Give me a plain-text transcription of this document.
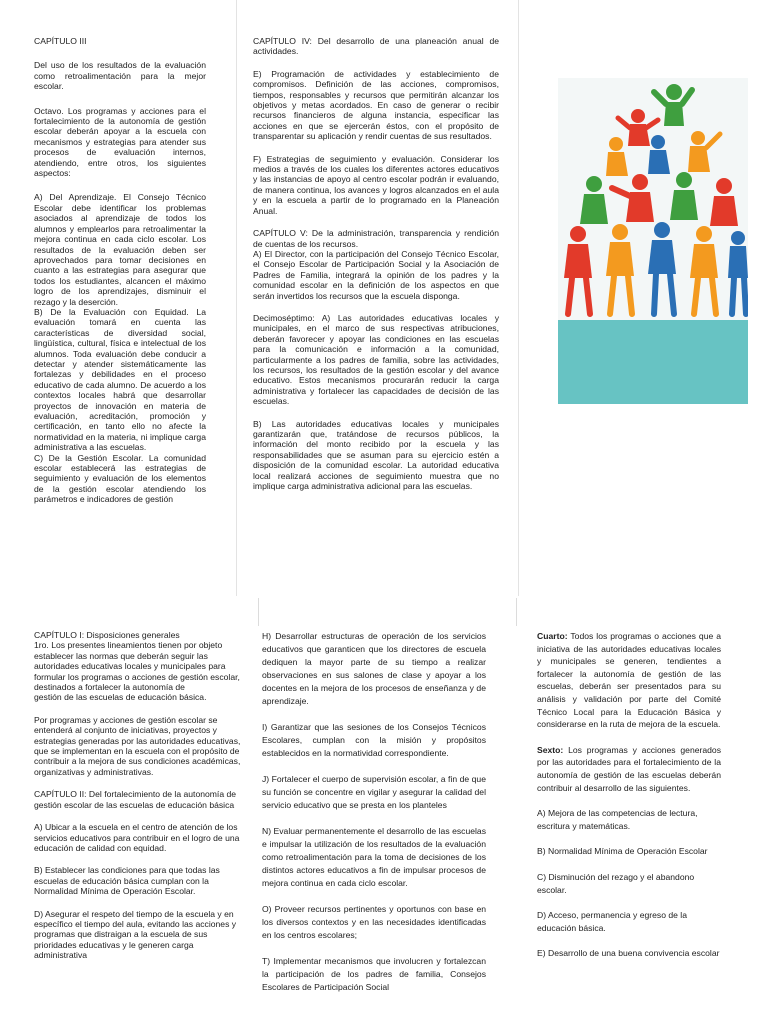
CAPÍTULO III

Del uso de los resultados de la evaluación como retroalimentación para la mejor escolar.

Octavo. Los programas y acciones para el fortalecimiento de la autonomía de gestión escolar deberán apoyar a la escuela con mecanismos y estrategias para atender sus procesos de evaluación internos, atendiendo, entre otros, los siguientes aspectos:

A) Del Aprendizaje. El Consejo Técnico Escolar debe identificar los problemas asociados al aprendizaje de todos los alumnos y emplearlos para retroalimentar la mejora continua en cada ciclo escolar. Los resultados de la evaluación deben ser aprovechados para tomar decisiones en cuanto a las estrategias para asegurar que todos los estudiantes, alcancen el máximo logro de los aprendizajes, disminuir el rezago y la deserción.

B) De la Evaluación con Equidad. La evaluación tomará en cuenta las características de diversidad social, lingüística, cultural, física e intelectual de los alumnos. Toda evaluación debe conducir a detectar y atender sistemáticamente las fortalezas y debilidades en el proceso educativo de cada alumno. De acuerdo a los contextos locales habrá que desarrollar proyectos de innovación en materia de evaluación, acreditación, promoción y certificación, en tanto ello no afecte la normatividad en la materia, ni implique carga administrativa a las escuelas.

C) De la Gestión Escolar. La comunidad escolar establecerá las estrategias de seguimiento y evaluación de los elementos de la gestión escolar atendiendo los parámetros e indicadores de gestión

CAPÍTULO IV: Del desarrollo de una planeación anual de actividades.

E) Programación de actividades y establecimiento de compromisos. Definición de las acciones, compromisos, tiempos, responsables y recursos que permitirán alcanzar los objetivos y metas acordados. En caso de generar o recibir recursos financieros de alguna instancia, especificar las acciones en que se ejercerán éstos, con el propósito de transparentar su aplicación y rendir cuentas de sus resultados.

F) Estrategias de seguimiento y evaluación. Considerar los medios a través de los cuales los diferentes actores educativos y las instancias de apoyo al centro escolar podrán ir evaluando, de manera continua, los avances y logros alcanzados en el aula y en la escuela a partir de lo programado en la Planeación Anual.

CAPÍTULO V: De la administración, transparencia y rendición de cuentas de los recursos.

A) El Director, con la participación del Consejo Técnico Escolar, el Consejo Escolar de Participación Social y la Asociación de Padres de Familia, integrará la opinión de los padres y la comunidad escolar en la definición de los aspectos en que serán invertidos los recursos que la escuela disponga.

Decimoséptimo: A) Las autoridades educativas locales y municipales, en el marco de sus respectivas atribuciones, deberán favorecer y apoyar las condiciones en las escuelas para la comunicación e información a la comunidad, particularmente a los padres de familia, sobre las actividades, los recursos, los resultados de la gestión escolar y del avance educativo. Estos mecanismos procurarán reducir la carga administrativa y fortalecer las capacidades de decisión de las escuelas.

B) Las autoridades educativas locales y municipales garantizarán que, tratándose de recursos públicos, la información del monto recibido por la escuela y las responsabilidades que se asuman para su ejercicio estén a disposición de la comunidad escolar. La autoridad educativa local realizará acciones de seguimiento muestra que no implique carga administrativa adicional para las escuelas.

CAPÍTULO I: Disposiciones generales

1ro. Los presentes lineamientos tienen por objeto establecer las normas que deberán seguir las autoridades educativas locales y municipales para formular los programas o acciones de gestión escolar, destinados a fortalecer la autonomía de

gestión de las escuelas de educación básica.

Por programas y acciones de gestión escolar se entenderá al conjunto de iniciativas, proyectos y estrategias generadas por las autoridades educativas, que se implementan en la escuela con el propósito de contribuir a la mejora de sus condiciones académicas, organizativas y administrativas.

CAPÍTULO II: Del fortalecimiento de la autonomía de gestión escolar de las escuelas de educación básica

A) Ubicar a la escuela en el centro de atención de los servicios educativos para contribuir en el logro de una educación de calidad con equidad.

B) Establecer las condiciones para que todas las escuelas de educación básica cumplan con la Normalidad Mínima de Operación Escolar.

D) Asegurar el respeto del tiempo de la escuela y en específico el tiempo del aula, evitando las acciones y programas que distraigan a la escuela de sus prioridades educativas y le generen carga administrativa

H) Desarrollar estructuras de operación de los servicios educativos que garanticen que los directores de escuela dediquen la mayor parte de su tiempo a realizar observaciones en sus salones de clase y apoyar a los docentes en la mejora de los procesos de enseñanza y de aprendizaje.

I) Garantizar que las sesiones de los Consejos Técnicos Escolares, cumplan con la misión y propósitos establecidos en la normatividad correspondiente.

J) Fortalecer el cuerpo de supervisión escolar, a fin de que su función se concentre en vigilar y asegurar la calidad del servicio educativo que se presta en los planteles

N) Evaluar permanentemente el desarrollo de las escuelas e impulsar la utilización de los resultados de la evaluación como retroalimentación para la toma de decisiones de los distintos actores educativos a fin de impulsar procesos de mejora continua en cada ciclo escolar.

O) Proveer recursos pertinentes y oportunos con base en los diversos contextos y en las necesidades identificadas en los centros escolares;

T) Implementar mecanismos que involucren y fortalezcan la participación de los padres de familia, Consejos Escolares de Participación Social

Cuarto: Todos los programas o acciones que a iniciativa de las autoridades educativas locales y municipales se generen, tendientes a fortalecer la autonomía de gestión de las escuelas, deberán ser presentados para su análisis y validación por parte del Comité Técnico Local para la Educación Básica y considerarse en la ruta de mejora de la escuela.

Sexto: Los programas y acciones generados por las autoridades para el fortalecimiento de la autonomía de gestión de las escuelas deberán contribuir al desarrollo de las siguientes.

A) Mejora de las competencias de lectura, escritura y matemáticas.

B) Normalidad Mínima de Operación Escolar

C) Disminución del rezago y el abandono escolar.

D) Acceso, permanencia y egreso de la educación básica.

E) Desarrollo de una buena convivencia escolar
